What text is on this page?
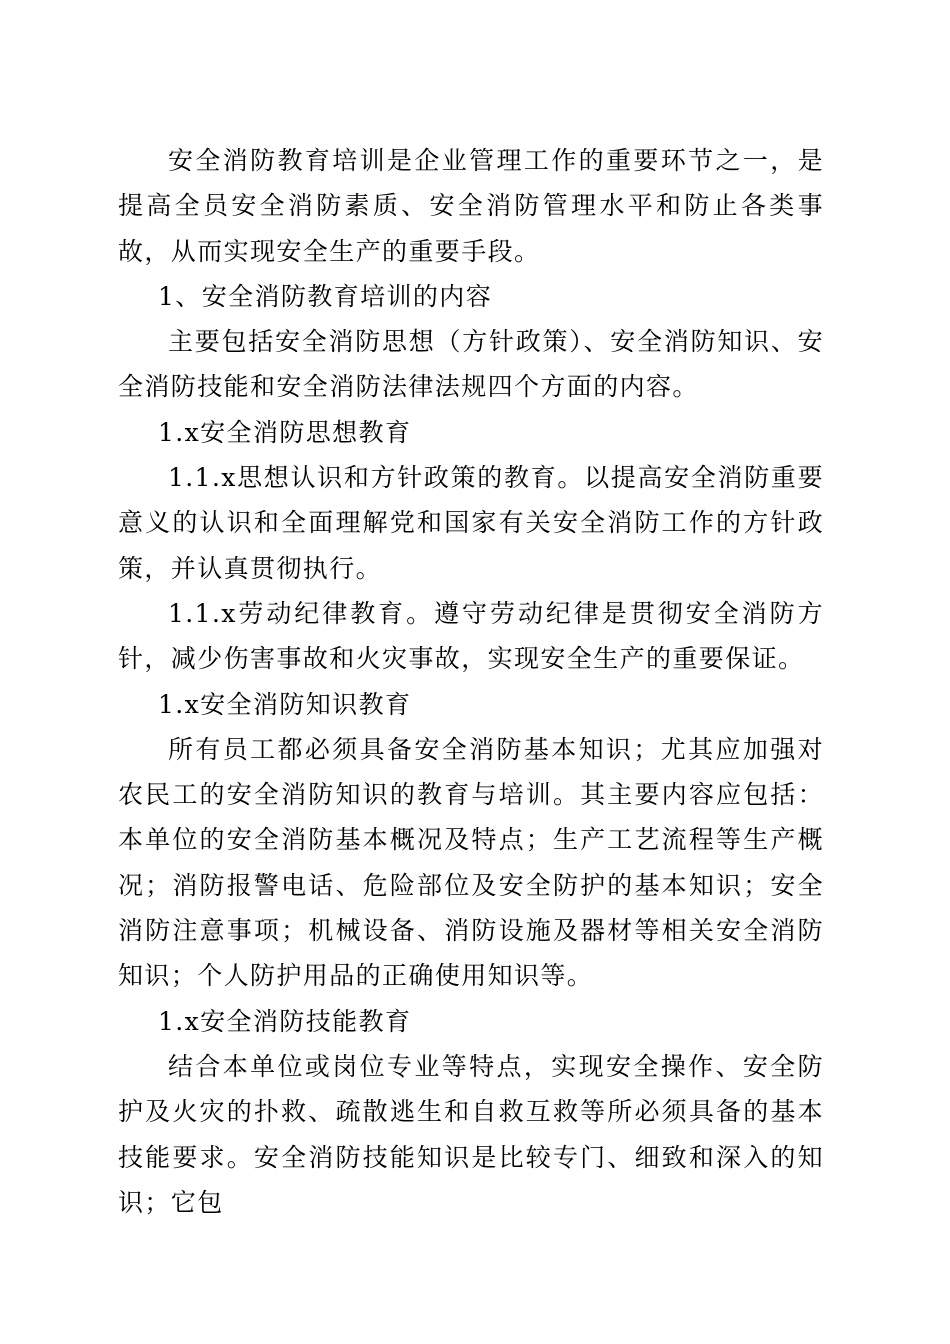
安全消防教育培训是企业管理工作的重要环节之一，是提高全员安全消防素质、安全消防管理水平和防止各类事故，从而实现安全生产的重要手段。

1、安全消防教育培训的内容

主要包括安全消防思想（方针政策）、安全消防知识、安全消防技能和安全消防法律法规四个方面的内容。

1.x安全消防思想教育

1.1.x思想认识和方针政策的教育。以提高安全消防重要意义的认识和全面理解党和国家有关安全消防工作的方针政策，并认真贯彻执行。

1.1.x劳动纪律教育。遵守劳动纪律是贯彻安全消防方针，减少伤害事故和火灾事故，实现安全生产的重要保证。

1.x安全消防知识教育

所有员工都必须具备安全消防基本知识；尤其应加强对农民工的安全消防知识的教育与培训。其主要内容应包括：本单位的安全消防基本概况及特点；生产工艺流程等生产概况；消防报警电话、危险部位及安全防护的基本知识；安全消防注意事项；机械设备、消防设施及器材等相关安全消防知识；个人防护用品的正确使用知识等。

1.x安全消防技能教育

结合本单位或岗位专业等特点，实现安全操作、安全防护及火灾的扑救、疏散逃生和自救互救等所必须具备的基本技能要求。安全消防技能知识是比较专门、细致和深入的知识；它包
